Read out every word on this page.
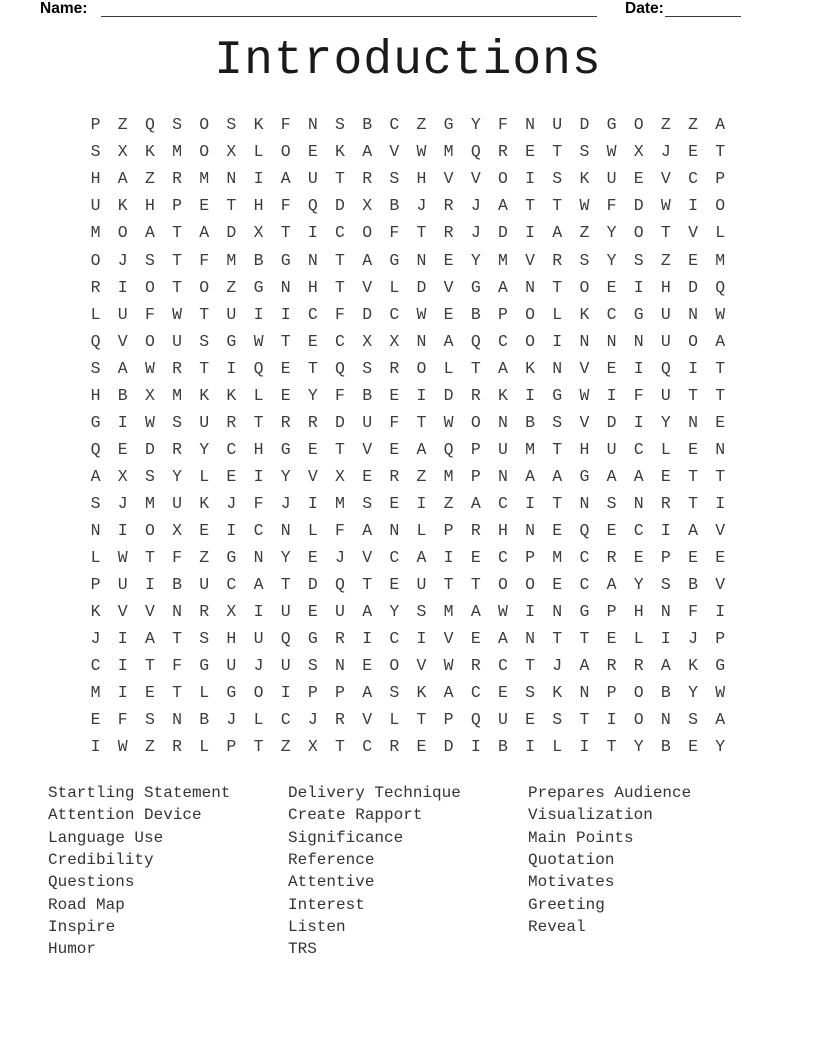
Name:	Date:
Introductions
P	Z	Q	S	O	S	K	F	N	S	B	C	Z	G	Y	F	N	U	D	G	O	Z	Z	A
S	X	K	M	O	X	L	O	E	K	A	V	W	M	Q	R	E	T	S	W	X	J	E	T
H	A	Z	R	M	N	I	A	U	T	R	S	H	V	V	O	I	S	K	U	E	V	C	P
U	K	H	P	E	T	H	F	Q	D	X	B	J	R	J	A	T	T	W	F	D	W	I	O
M	O	A	T	A	D	X	T	I	C	O	F	T	R	J	D	I	A	Z	Y	O	T	V	L
O	J	S	T	F	M	B	G	N	T	A	G	N	E	Y	M	V	R	S	Y	S	Z	E	M
R	I	O	T	O	Z	G	N	H	T	V	L	D	V	G	A	N	T	O	E	I	H	D	Q
L	U	F	W	T	U	I	I	C	F	D	C	W	E	B	P	O	L	K	C	G	U	N	W
Q	V	O	U	S	G	W	T	E	C	X	X	N	A	Q	C	O	I	N	N	N	U	O	A
S	A	W	R	T	I	Q	E	T	Q	S	R	O	L	T	A	K	N	V	E	I	Q	I	T
H	B	X	M	K	K	L	E	Y	F	B	E	I	D	R	K	I	G	W	I	F	U	T	T
G	I	W	S	U	R	T	R	R	D	U	F	T	W	O	N	B	S	V	D	I	Y	N	E
Q	E	D	R	Y	C	H	G	E	T	V	E	A	Q	P	U	M	T	H	U	C	L	E	N
A	X	S	Y	L	E	I	Y	V	X	E	R	Z	M	P	N	A	A	G	A	A	E	T	T
S	J	M	U	K	J	F	J	I	M	S	E	I	Z	A	C	I	T	N	S	N	R	T	I
N	I	O	X	E	I	C	N	L	F	A	N	L	P	R	H	N	E	Q	E	C	I	A	V
L	W	T	F	Z	G	N	Y	E	J	V	C	A	I	E	C	P	M	C	R	E	P	E	E
P	U	I	B	U	C	A	T	D	Q	T	E	U	T	T	O	O	E	C	A	Y	S	B	V
K	V	V	N	R	X	I	U	E	U	A	Y	S	M	A	W	I	N	G	P	H	N	F	I
J	I	A	T	S	H	U	Q	G	R	I	C	I	V	E	A	N	T	T	E	L	I	J	P
C	I	T	F	G	U	J	U	S	N	E	O	V	W	R	C	T	J	A	R	R	A	K	G
M	I	E	T	L	G	O	I	P	P	A	S	K	A	C	E	S	K	N	P	O	B	Y	W
E	F	S	N	B	J	L	C	J	R	V	L	T	P	Q	U	E	S	T	I	O	N	S	A
I	W	Z	R	L	P	T	Z	X	T	C	R	E	D	I	B	I	L	I	T	Y	B	E	Y
Startling Statement
Attention Device
Language Use
Credibility
Questions
Road Map
Inspire
Humor
Delivery Technique
Create Rapport
Significance
Reference
Attentive
Interest
Listen
TRS
Prepares Audience
Visualization
Main Points
Quotation
Motivates
Greeting
Reveal
